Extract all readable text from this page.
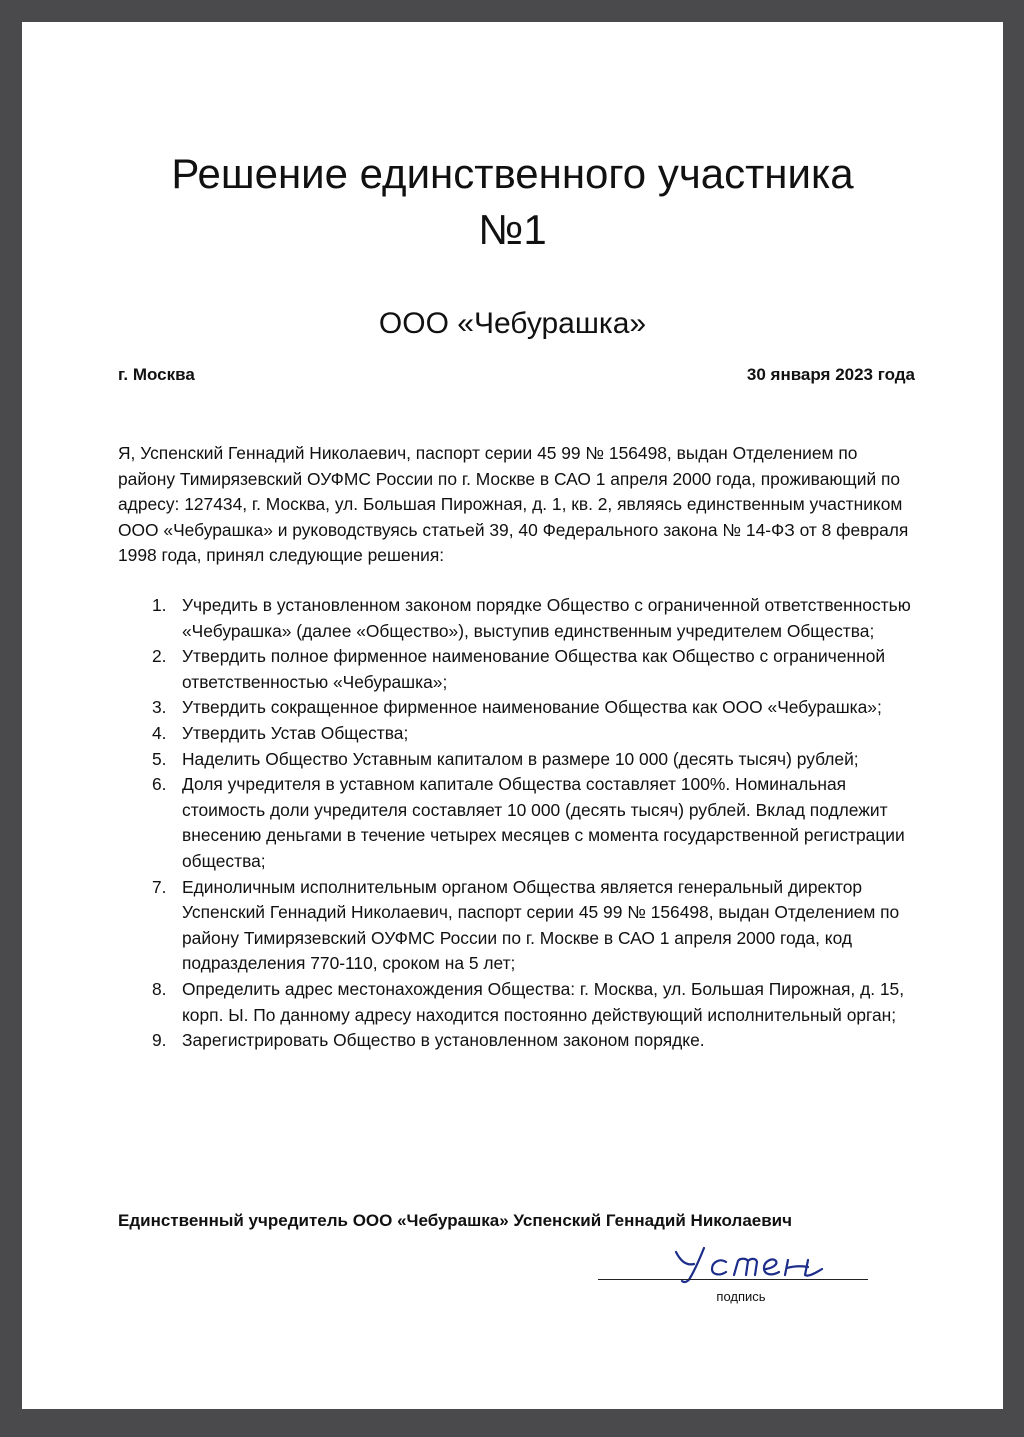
Решение единственного участника
№1
ООО «Чебурашка»
г. Москва	30 января 2023 года

Я, Успенский Геннадий Николаевич, паспорт серии 45 99 № 156498, выдан Отделением по району Тимирязевский ОУФМС России по г. Москве в САО 1 апреля 2000 года, проживающий по адресу: 127434, г. Москва, ул. Большая Пирожная, д. 1, кв. 2, являясь единственным участником ООО «Чебурашка» и руководствуясь статьей 39, 40 Федерального закона № 14-ФЗ от 8 февраля 1998 года, принял следующие решения:

1. Учредить в установленном законом порядке Общество с ограниченной ответственностью «Чебурашка» (далее «Общество»), выступив единственным учредителем Общества;
2. Утвердить полное фирменное наименование Общества как Общество с ограниченной ответственностью «Чебурашка»;
3. Утвердить сокращенное фирменное наименование Общества как ООО «Чебурашка»;
4. Утвердить Устав Общества;
5. Наделить Общество Уставным капиталом в размере 10 000 (десять тысяч) рублей;
6. Доля учредителя в уставном капитале Общества составляет 100%. Номинальная стоимость доли учредителя составляет 10 000 (десять тысяч) рублей. Вклад подлежит внесению деньгами в течение четырех месяцев с момента государственной регистрации общества;
7. Единоличным исполнительным органом Общества является генеральный директор Успенский Геннадий Николаевич, паспорт серии 45 99 № 156498, выдан Отделением по району Тимирязевский ОУФМС России по г. Москве в САО 1 апреля 2000 года, код подразделения 770-110, сроком на 5 лет;
8. Определить адрес местонахождения Общества: г. Москва, ул. Большая Пирожная, д. 15, корп. Ы. По данному адресу находится постоянно действующий исполнительный орган;
9. Зарегистрировать Общество в установленном законом порядке.
Единственный учредитель ООО «Чебурашка» Успенский Геннадий Николаевич
подпись
